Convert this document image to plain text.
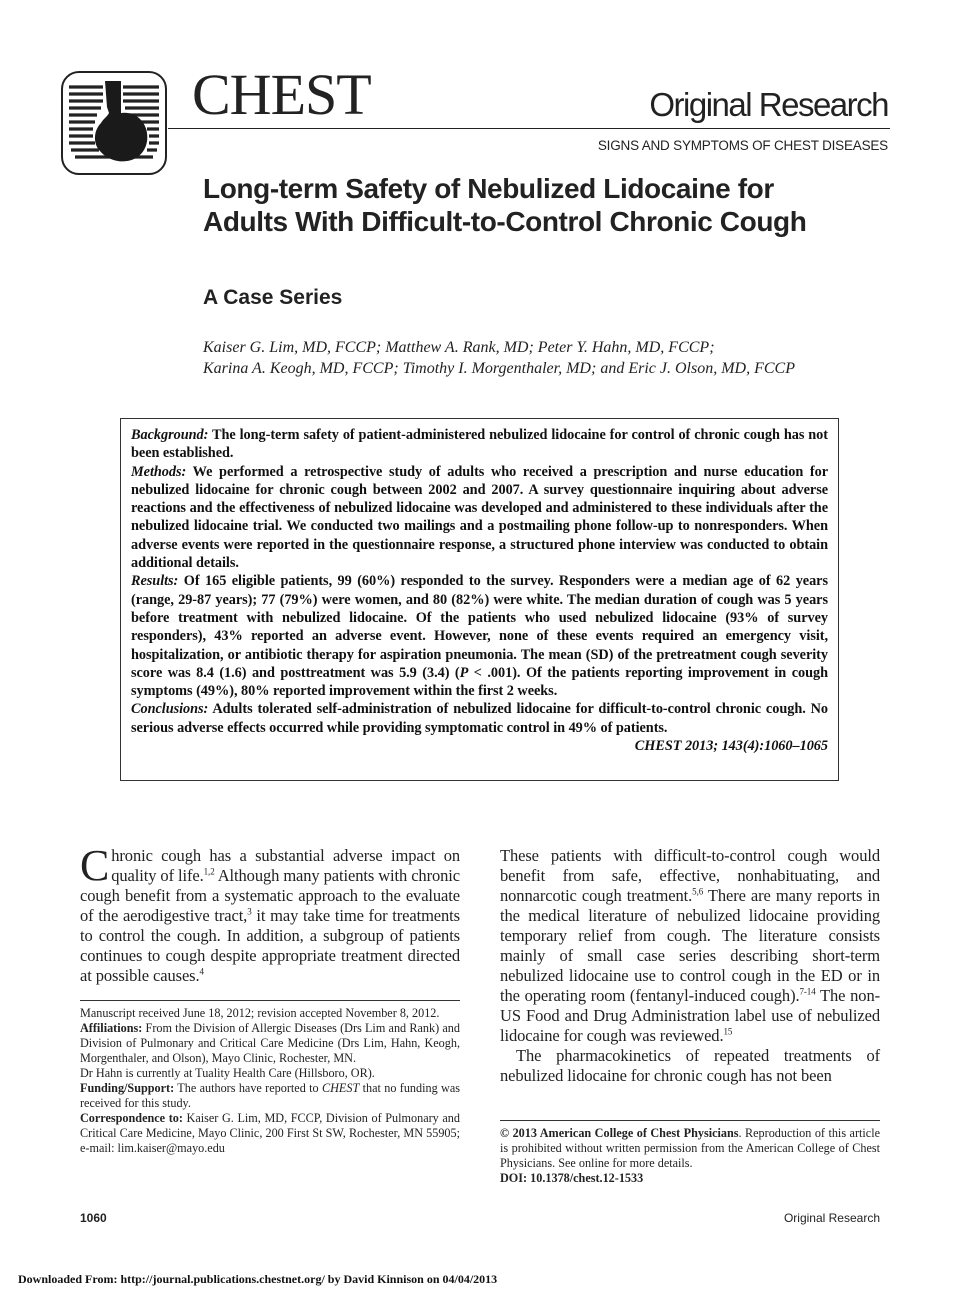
CHEST	Original Research
SIGNS AND SYMPTOMS OF CHEST DISEASES
Long-term Safety of Nebulized Lidocaine for Adults With Difficult-to-Control Chronic Cough
A Case Series
Kaiser G. Lim, MD, FCCP; Matthew A. Rank, MD; Peter Y. Hahn, MD, FCCP;
Karina A. Keogh, MD, FCCP; Timothy I. Morgenthaler, MD; and Eric J. Olson, MD, FCCP

Background: The long-term safety of patient-administered nebulized lidocaine for control of chronic cough has not been established.

Methods: We performed a retrospective study of adults who received a prescription and nurse education for nebulized lidocaine for chronic cough between 2002 and 2007. A survey questionnaire inquiring about adverse reactions and the effectiveness of nebulized lidocaine was developed and administered to these individuals after the nebulized lidocaine trial. We conducted two mailings and a postmailing phone follow-up to nonresponders. When adverse events were reported in the questionnaire response, a structured phone interview was conducted to obtain additional details.

Results: Of 165 eligible patients, 99 (60%) responded to the survey. Responders were a median age of 62 years (range, 29-87 years); 77 (79%) were women, and 80 (82%) were white. The median duration of cough was 5 years before treatment with nebulized lidocaine. Of the patients who used nebulized lidocaine (93% of survey responders), 43% reported an adverse event. However, none of these events required an emergency visit, hospitalization, or antibiotic therapy for aspiration pneumonia. The mean (SD) of the pretreatment cough severity score was 8.4 (1.6) and posttreatment was 5.9 (3.4) (P < .001). Of the patients reporting improvement in cough symptoms (49%), 80% reported improvement within the first 2 weeks.

Conclusions: Adults tolerated self-administration of nebulized lidocaine for difficult-to-control chronic cough. No serious adverse effects occurred while providing symptomatic control in 49% of patients.
CHEST 2013; 143(4):1060–1065

Chronic cough has a substantial adverse impact on quality of life.$^{1,2}$ Although many patients with chronic cough benefit from a systematic approach to the evaluate of the aerodigestive tract,$^3$ it may take time for treatments to control the cough. In addition, a subgroup of patients continues to cough despite appropriate treatment directed at possible causes.$^4$

Manuscript received June 18, 2012; revision accepted November 8, 2012.

Affiliations: From the Division of Allergic Diseases (Drs Lim and Rank) and Division of Pulmonary and Critical Care Medicine (Drs Lim, Hahn, Keogh, Morgenthaler, and Olson), Mayo Clinic, Rochester, MN.

Dr Hahn is currently at Tuality Health Care (Hillsboro, OR).

Funding/Support: The authors have reported to CHEST that no funding was received for this study.

Correspondence to: Kaiser G. Lim, MD, FCCP, Division of Pulmonary and Critical Care Medicine, Mayo Clinic, 200 First St SW, Rochester, MN 55905; e-mail: lim.kaiser@mayo.edu

These patients with difficult-to-control cough would benefit from safe, effective, nonhabituating, and nonnarcotic cough treatment.$^{5,6}$ There are many reports in the medical literature of nebulized lidocaine providing temporary relief from cough. The literature consists mainly of small case series describing short-term nebulized lidocaine use to control cough in the ED or in the operating room (fentanyl-induced cough).$^{7-14}$ The non-US Food and Drug Administration label use of nebulized lidocaine for cough was reviewed.$^{15}$

The pharmacokinetics of repeated treatments of nebulized lidocaine for chronic cough has not been

© 2013 American College of Chest Physicians. Reproduction of this article is prohibited without written permission from the American College of Chest Physicians. See online for more details.

DOI: 10.1378/chest.12-1533

1060	Original Research
Downloaded From: http://journal.publications.chestnet.org/ by David Kinnison on 04/04/2013
